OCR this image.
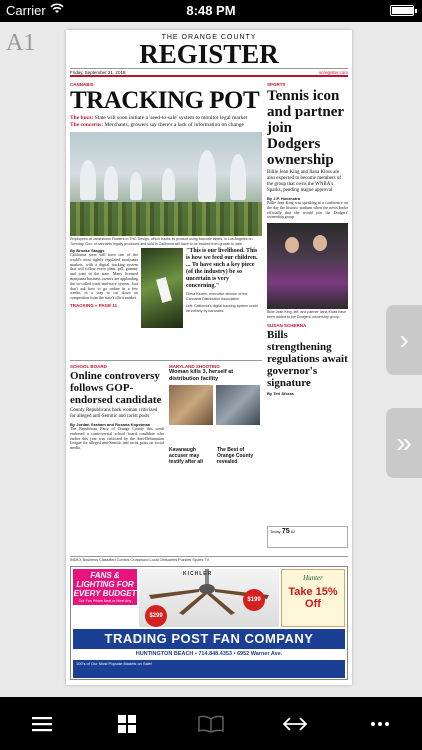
Carrier	8:48 PM
A1	THE ORANGE COUNTY
REGISTER
Friday, September 21, 2018	ocregister.com
CANNABIS
TRACKING POT
The buzz: State will soon initiate a 'seed-to-sale' system to monitor legal market
The concerns: Merchants, growers say there's a lack of information on change
Employees at Jamestown Flowers in THC Design, which tracks its product using barcode labels, in Los Angeles on Tuesday. Gov. of cannabis legally produced and sold in California will have to be tracked from growth to sale.
By Brooke Staggs
California soon will have one of the world's most tightly regulated marijuana markets, with a digital tracking system that will follow every plant, pill, gummy and joint in the state. Many licensed marijuana business owners are applauding the so-called track-and-trace system. Just don't ask how to go online in a few weeks, or a way to cut down on competition from the state's illicit market.
TRACKING » PAGE 11
"This is our livelihood. This is how we feed our children. ... To have such a key piece (of the industry) be so uncertain is very concerning."
Elena Kluxen, executive director of the Cannabis Distribution Association
Left: California's digital tracking system could be entirely by barcodes.
SPORTS
Tennis icon and partner join Dodgers ownership
Billie Jean King and Ilana Kloss are also expected to become members of the group that owns the WNBA's Sparks, pending league approval
By J.P. Hoornstra
Billie Jean King was speaking at a conference on the day the historic stadium when the news broke officially that she would join the Dodgers' ownership group.
Billie Jean King, left, and partner Ilana Kloss have been added to the Dodgers' ownership group.
SUSAN SCHERNA
Bills strengthening regulations await governor's signature
By Teri Sforza
SCHOOL BOARD
Online controversy follows GOP-endorsed candidate
County Republicans back woman criticized for alleged anti-Semitic and racist posts
By Jordan Graham and Roxana Kopetman
The Republican Party of Orange County this week endorsed a controversial school board candidate who earlier this year was criticized by the Anti-Defamation League for alleged anti-Semitic and racist posts on social media.
MARYLAND SHOOTING
Woman kills 3, herself at distribution facility
Kavanaugh accuser may testify after all
The Best of Orange County revealed
Today 75 62
INDEX Business Classified Comics Crossword Local Obituaries Puzzles Sports TV
FANS & LIGHTING FOR EVERY BUDGET
Our Fan Prices Beat or Meet Any Internet Pricing
KICHLER
$199
$299
Hunter
Take 15% Off
TRADING POST FAN COMPANY
HUNTINGTON BEACH • 714.848.4353 • 6952 Warner Ave.
100's of Our Most Popular Models on Sale!
›
»
